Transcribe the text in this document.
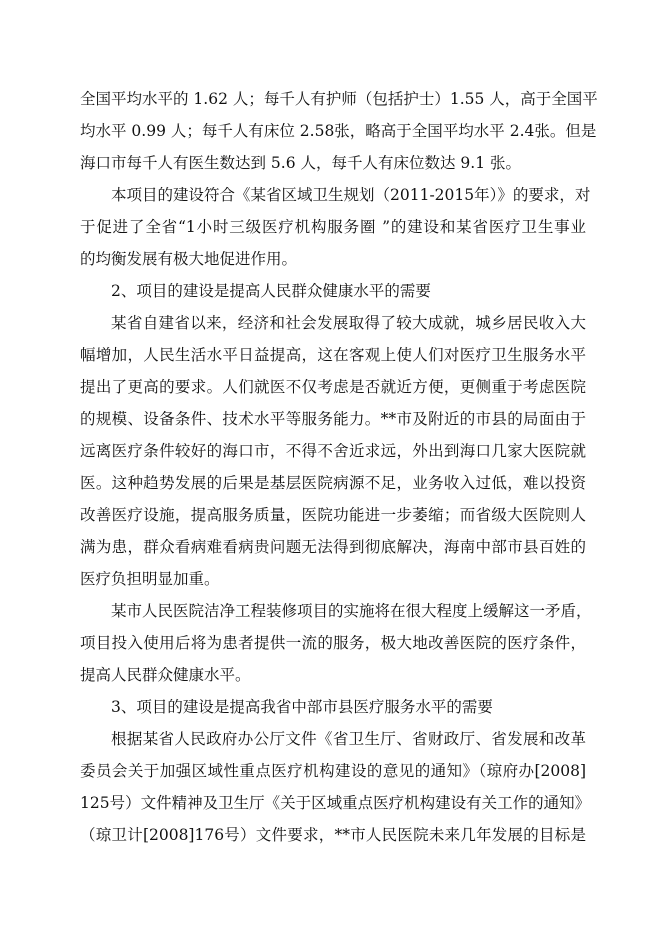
全国平均水平的 1.62 人；每千人有护师（包括护士）1.55 人，高于全国平
均水平 0.99 人；每千人有床位 2.58张，略高于全国平均水平 2.4张。但是
海口市每千人有医生数达到 5.6 人，每千人有床位数达 9.1 张。

本项目的建设符合《某省区域卫生规划（2011-2015年）》的要求，对
于促进了全省“1小时三级医疗机构服务圈 ”的建设和某省医疗卫生事业
的均衡发展有极大地促进作用。

2、项目的建设是提高人民群众健康水平的需要

某省自建省以来，经济和社会发展取得了较大成就，城乡居民收入大
幅增加，人民生活水平日益提高，这在客观上使人们对医疗卫生服务水平
提出了更高的要求。人们就医不仅考虑是否就近方便，更侧重于考虑医院
的规模、设备条件、技术水平等服务能力。**市及附近的市县的局面由于
远离医疗条件较好的海口市，不得不舍近求远，外出到海口几家大医院就
医。这种趋势发展的后果是基层医院病源不足，业务收入过低，难以投资
改善医疗设施，提高服务质量，医院功能进一步萎缩；而省级大医院则人
满为患，群众看病难看病贵问题无法得到彻底解决，海南中部市县百姓的
医疗负担明显加重。

某市人民医院洁净工程装修项目的实施将在很大程度上缓解这一矛盾，
项目投入使用后将为患者提供一流的服务，极大地改善医院的医疗条件，
提高人民群众健康水平。

3、项目的建设是提高我省中部市县医疗服务水平的需要

根据某省人民政府办公厅文件《省卫生厅、省财政厅、省发展和改革
委员会关于加强区域性重点医疗机构建设的意见的通知》（琼府办[2008]
125号）文件精神及卫生厅《关于区域重点医疗机构建设有关工作的通知》
（琼卫计[2008]176号）文件要求，**市人民医院未来几年发展的目标是
